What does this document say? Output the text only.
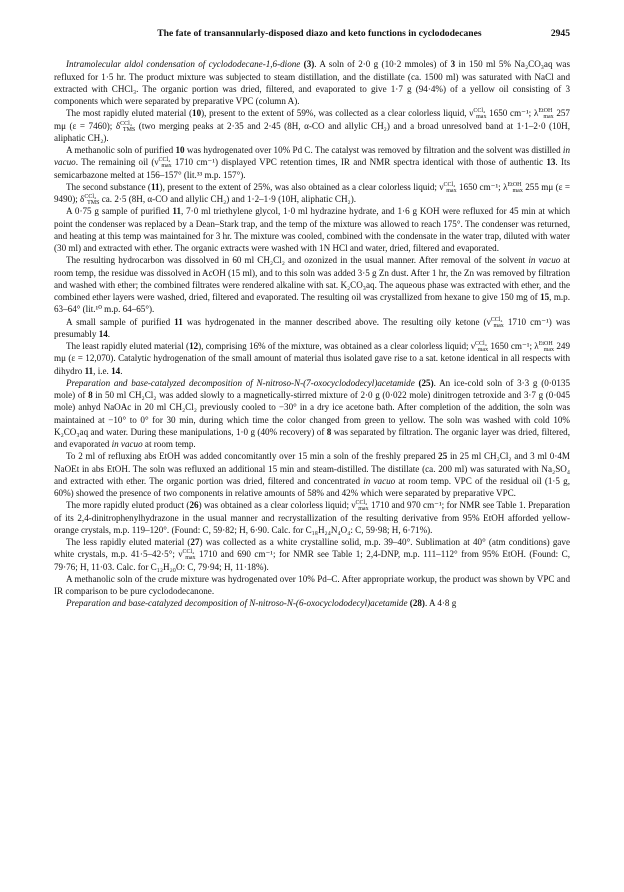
The fate of transannularly-disposed diazo and keto functions in cyclododecanes	2945

Intramolecular aldol condensation of cyclododecane-1,6-dione (3). A soln of 2·0 g (10·2 mmoles) of 3 in 150 ml 5% Na₂CO₃aq was refluxed for 1·5 hr. The product mixture was subjected to steam distillation, and the distillate (ca. 1500 ml) was saturated with NaCl and extracted with CHCl₃. The organic portion was dried, filtered, and evaporated to give 1·7 g (94·4%) of a yellow oil consisting of 3 components which were separated by preparative VPC (column A).

The most rapidly eluted material (10), present to the extent of 59%, was collected as a clear colorless liquid, $\nu^{CCl_4}_{max}$ 1650 cm⁻¹; $\lambda^{EtOH}_{max}$ 257 mμ (ε = 7460); $\delta^{CCl_4}_{TMS}$ (two merging peaks at 2·35 and 2·45 (8H, α-CO and allylic CH₂) and a broad unresolved band at 1·1–2·0 (10H, aliphatic CH₂).

A methanolic soln of purified 10 was hydrogenated over 10% Pd C. The catalyst was removed by filtration and the solvent was distilled in vacuo. The remaining oil ($\nu^{CCl_4}_{max}$ 1710 cm⁻¹) displayed VPC retention times, IR and NMR spectra identical with those of authentic 13. Its semicarbazone melted at 156–157° (lit.³³ m.p. 157°).

The second substance (11), present to the extent of 25%, was also obtained as a clear colorless liquid; $\nu^{CCl_4}_{max}$ 1650 cm⁻¹; $\lambda^{EtOH}_{max}$ 255 mμ (ε = 9490); $\delta^{CCl_4}_{TMS}$ ca. 2·5 (8H, α-CO and allylic CH₂) and 1·2–1·9 (10H, aliphatic CH₂).

A 0·75 g sample of purified 11, 7·0 ml triethylene glycol, 1·0 ml hydrazine hydrate, and 1·6 g KOH were refluxed for 45 min at which point the condenser was replaced by a Dean–Stark trap, and the temp of the mixture was allowed to reach 175°. The condenser was returned, and heating at this temp was maintained for 3 hr. The mixture was cooled, combined with the condensate in the water trap, diluted with water (30 ml) and extracted with ether. The organic extracts were washed with 1N HCl and water, dried, filtered and evaporated.

The resulting hydrocarbon was dissolved in 60 ml CH₂Cl₂ and ozonized in the usual manner. After removal of the solvent in vacuo at room temp, the residue was dissolved in AcOH (15 ml), and to this soln was added 3·5 g Zn dust. After 1 hr, the Zn was removed by filtration and washed with ether; the combined filtrates were rendered alkaline with sat. K₂CO₃aq. The aqueous phase was extracted with ether, and the combined ether layers were washed, dried, filtered and evaporated. The resulting oil was crystallized from hexane to give 150 mg of 15, m.p. 63–64° (lit.¹⁰ m.p. 64–65°).

A small sample of purified 11 was hydrogenated in the manner described above. The resulting oily ketone ($\nu^{CCl_4}_{max}$ 1710 cm⁻¹) was presumably 14.

The least rapidly eluted material (12), comprising 16% of the mixture, was obtained as a clear colorless liquid; $\nu^{CCl_4}_{max}$ 1650 cm⁻¹; $\lambda^{EtOH}_{max}$ 249 mμ (ε = 12,070). Catalytic hydrogenation of the small amount of material thus isolated gave rise to a sat. ketone identical in all respects with dihydro 11, i.e. 14.

Preparation and base-catalyzed decomposition of N-nitroso-N-(7-oxocyclododecyl)acetamide (25). An ice-cold soln of 3·3 g (0·0135 mole) of 8 in 50 ml CH₂Cl₂ was added slowly to a magnetically-stirred mixture of 2·0 g (0·022 mole) dinitrogen tetroxide and 3·7 g (0·045 mole) anhyd NaOAc in 20 ml CH₂Cl₂ previously cooled to −30° in a dry ice acetone bath. After completion of the addition, the soln was maintained at −10° to 0° for 30 min, during which time the color changed from green to yellow. The soln was washed with cold 10% K₂CO₃aq and water. During these manipulations, 1·0 g (40% recovery) of 8 was separated by filtration. The organic layer was dried, filtered, and evaporated in vacuo at room temp.

To 2 ml of refluxing abs EtOH was added concomitantly over 15 min a soln of the freshly prepared 25 in 25 ml CH₂Cl₂ and 3 ml 0·4M NaOEt in abs EtOH. The soln was refluxed an additional 15 min and steam-distilled. The distillate (ca. 200 ml) was saturated with Na₂SO₄ and extracted with ether. The organic portion was dried, filtered and concentrated in vacuo at room temp. VPC of the residual oil (1·5 g, 60%) showed the presence of two components in relative amounts of 58% and 42% which were separated by preparative VPC.

The more rapidly eluted product (26) was obtained as a clear colorless liquid; $\nu^{CCl_4}_{max}$ 1710 and 970 cm⁻¹; for NMR see Table 1. Preparation of its 2,4-dinitrophenylhydrazone in the usual manner and recrystallization of the resulting derivative from 95% EtOH afforded yellow-orange crystals, m.p. 119–120°. (Found: C, 59·82; H, 6·90. Calc. for C₁₈H₂₄N₄O₄: C, 59·98; H, 6·71%).

The less rapidly eluted material (27) was collected as a white crystalline solid, m.p. 39–40°. Sublimation at 40° (atm conditions) gave white crystals, m.p. 41·5–42·5°; $\nu^{CCl_4}_{max}$ 1710 and 690 cm⁻¹; for NMR see Table 1; 2,4-DNP, m.p. 111–112° from 95% EtOH. (Found: C, 79·76; H, 11·03. Calc. for C₁₂H₂₀O: C, 79·94; H, 11·18%).

A methanolic soln of the crude mixture was hydrogenated over 10% Pd–C. After appropriate workup, the product was shown by VPC and IR comparison to be pure cyclododecanone.

Preparation and base-catalyzed decomposition of N-nitroso-N-(6-oxocyclododecyl)acetamide (28). A 4·8 g
